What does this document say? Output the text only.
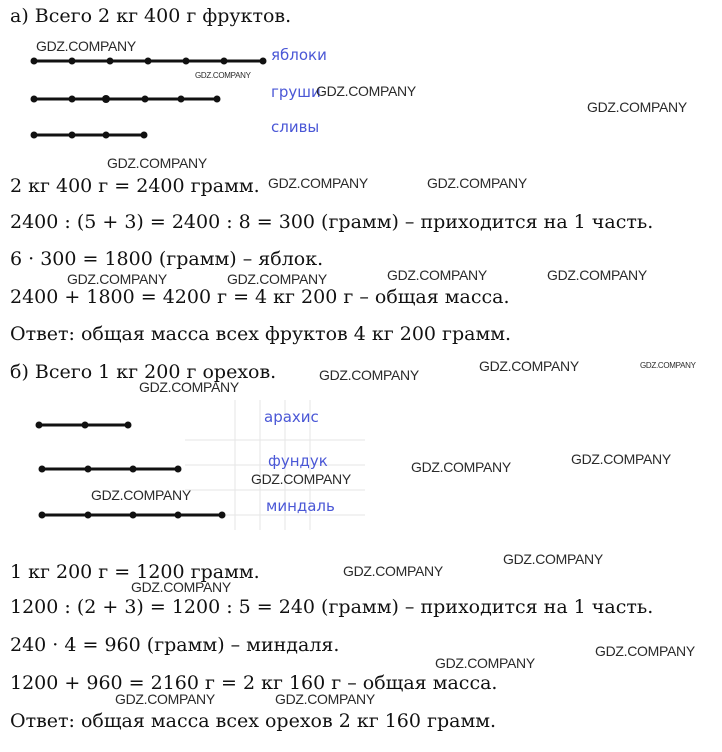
а) Всего 2 кг 400 г фруктов.
яблоки
груши
сливы
2 кг 400 г = 2400 грамм.
2400 : (5 + 3) = 2400 : 8 = 300 (грамм) – приходится на 1 часть.
6 · 300 = 1800 (грамм) – яблок.
2400 + 1800 = 4200 г = 4 кг 200 г – общая масса.
Ответ: общая масса всех фруктов 4 кг 200 грамм.
б) Всего 1 кг 200 г орехов.
арахис
фундук
миндаль
1 кг 200 г = 1200 грамм.
1200 : (2 + 3) = 1200 : 5 = 240 (грамм) – приходится на 1 часть.
240 · 4 = 960 (грамм) – миндаля.
1200 + 960 = 2160 г = 2 кг 160 г – общая масса.
Ответ: общая масса всех орехов 2 кг 160 грамм.
GDZ.COMPANY
GDZ.COMPANY
GDZ.COMPANY
GDZ.COMPANY
GDZ.COMPANY
GDZ.COMPANY	GDZ.COMPANY
GDZ.COMPANY	GDZ.COMPANY	GDZ.COMPANY	GDZ.COMPANY
GDZ.COMPANY	GDZ.COMPANY
GDZ.COMPANY
GDZ.COMPANY
GDZ.COMPANY	GDZ.COMPANY
GDZ.COMPANY
GDZ.COMPANY
GDZ.COMPANY
GDZ.COMPANY
GDZ.COMPANY
GDZ.COMPANY
GDZ.COMPANY
GDZ.COMPANY	GDZ.COMPANY
